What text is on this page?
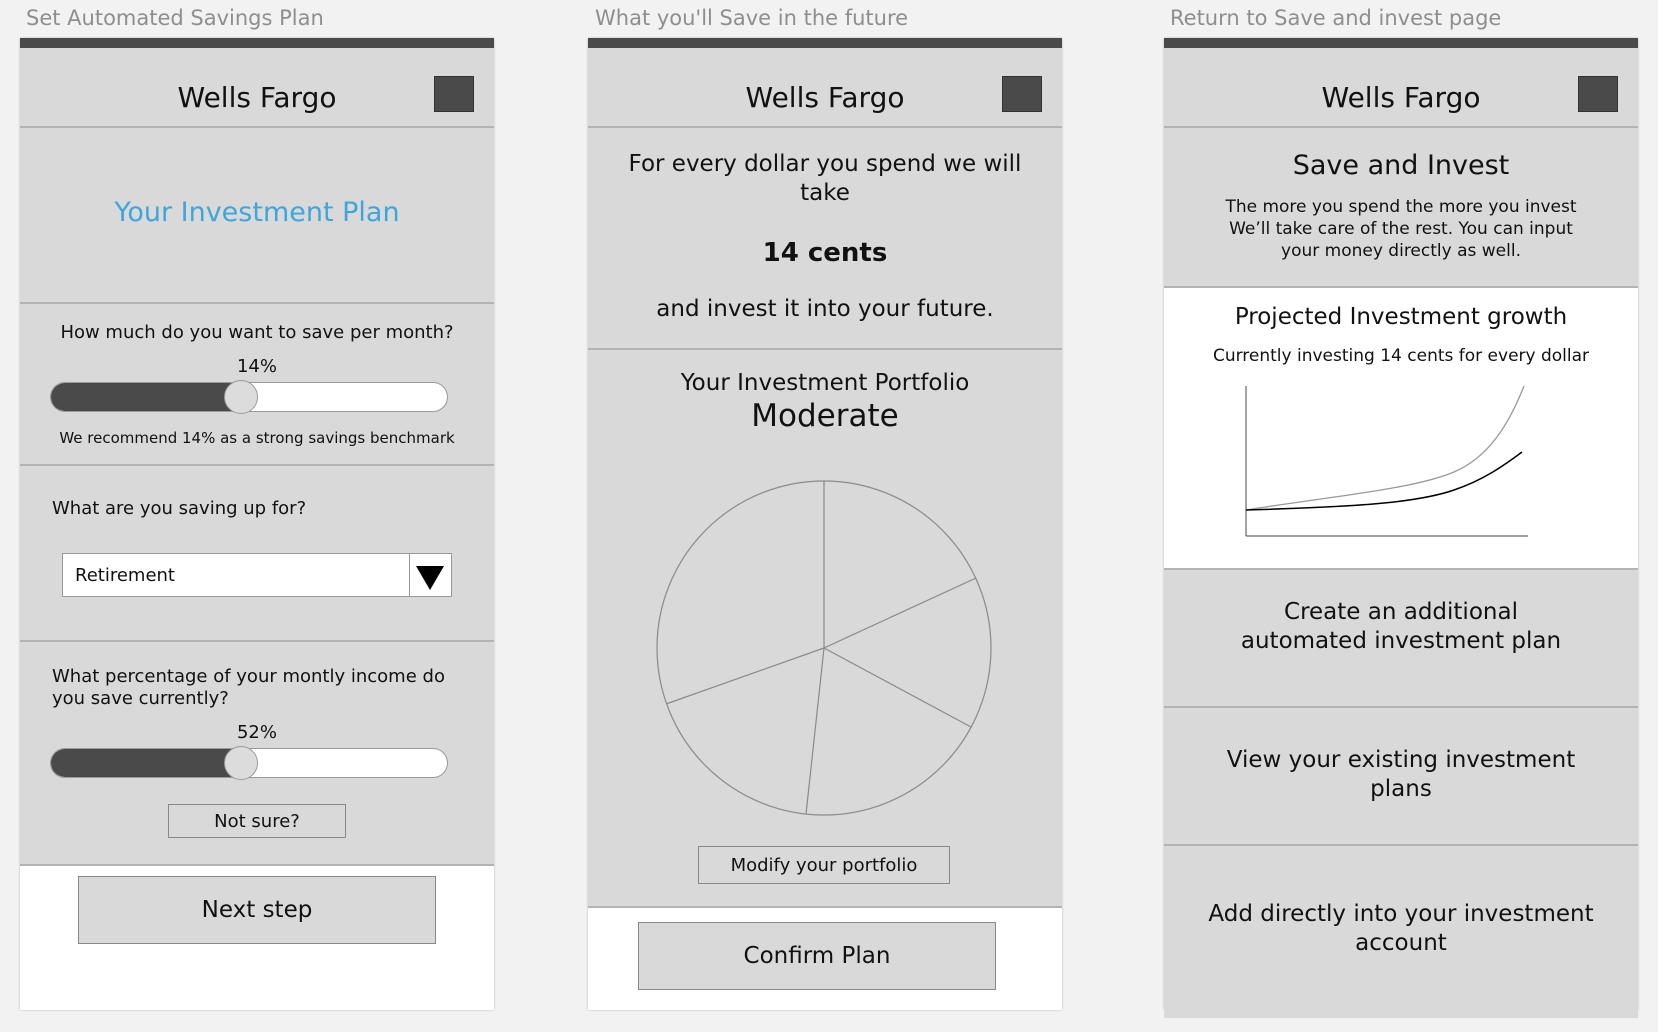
Set Automated Savings Plan
Wells Fargo
Your Investment Plan
How much do you want to save per month?
14%
We recommend 14% as a strong savings benchmark
What are you saving up for?
Retirement
What percentage of your montly income do
you save currently?
52%
Not sure?
Next step
What you'll Save in the future
Wells Fargo
For every dollar you spend we will
take
14 cents
and invest it into your future.
Your Investment Portfolio
Moderate
Modify your portfolio
Confirm Plan
Return to Save and invest page
Wells Fargo
Save and Invest
The more you spend the more you invest
We’ll take care of the rest. You can input
your money directly as well.
Projected Investment growth
Currently investing 14 cents for every dollar
Create an additional
automated investment plan
View your existing investment
plans
Add directly into your investment
account
